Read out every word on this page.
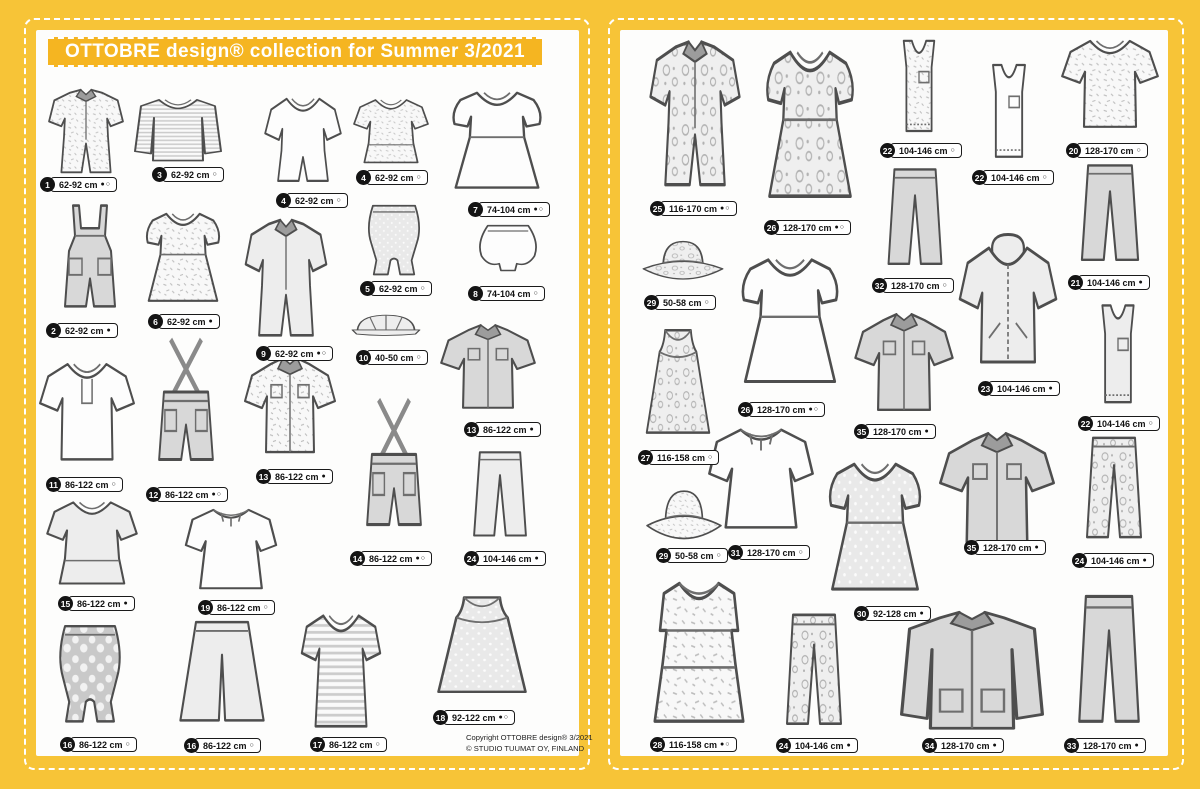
OTTOBRE design® collection for Summer 3/2021
Copyright OTTOBRE design® 3/2021
© STUDIO TUUMAT OY, FINLAND
1	62-92 cm ●○
3	62-92 cm ○
4	62-92 cm ○
4	62-92 cm ○
7	74-104 cm ●○
2	62-92 cm ●
6	62-92 cm ●
9	62-92 cm ●○
5	62-92 cm ○	8	74-104 cm ○
10 40-50 cm ○
11 86-122 cm ○
12 86-122 cm ●○
13 86-122 cm ●
13 86-122 cm ●
14 86-122 cm ●○	24 104-146 cm ●
15 86-122 cm ●	19 86-122 cm ○
16 86-122 cm ○	16 86-122 cm ○	17 86-122 cm ○
18 92-122 cm ●○
25 116-170 cm ●○
26 128-170 cm ●○
22 104-146 cm ○
22 104-146 cm ○
20 128-170 cm ○
32 128-170 cm ○	21 104-146 cm ●
29 50-58 cm ○
26 128-170 cm ●○
27 116-158 cm ○
35 128-170 cm ●
23 104-146 cm ●
22 104-146 cm ○
29 50-58 cm ○	31 128-170 cm ○
30 92-128 cm ●
35 128-170 cm ●
24 104-146 cm ●
28 116-158 cm ●○	24 104-146 cm ●	34 128-170 cm ●	33 128-170 cm ●
